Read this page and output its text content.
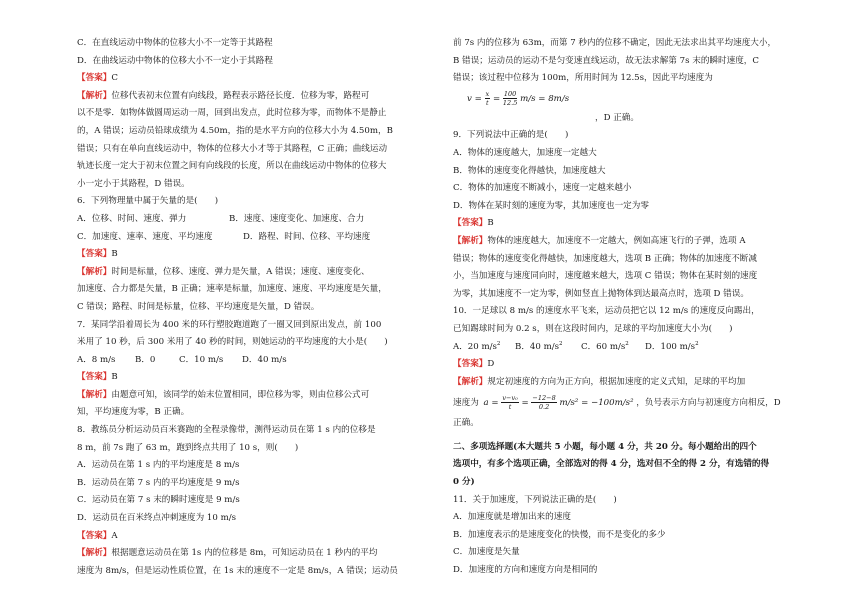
C．在直线运动中物体的位移大小不一定等于其路程

D．在曲线运动中物体的位移大小不一定小于其路程

【答案】C

【解析】位移代表初末位置有向线段，路程表示路径长度．位移为零，路程可

以不是零．如物体做圆周运动一周，回到出发点，此时位移为零，而物体不是静止

的，A 错误；运动员铅球成绩为 4.50m，指的是水平方向的位移大小为 4.50m，B

错误；只有在单向直线运动中，物体的位移大小才等于其路程，C 正确；曲线运动

轨迹长度一定大于初末位置之间有向线段的长度，所以在曲线运动中物体的位移大

小一定小于其路程，D 错误。

6．下列物理量中属于矢量的是(　　)

A．位移、时间、速度、弹力	B．速度、速度变化、加速度、合力

C．加速度、速率、速度、平均速度	D．路程、时间、位移、平均速度

【答案】B

【解析】时间是标量，位移、速度、弹力是矢量，A 错误；速度、速度变化、

加速度、合力都是矢量，B 正确；速率是标量，加速度、速度、平均速度是矢量，

C 错误；路程、时间是标量，位移、平均速度是矢量，D 错误。

7．某同学沿着周长为 400 米的环行塑胶跑道跑了一圈又回到原出发点，前 100

米用了 10 秒，后 300 米用了 40 秒的时间，则她运动的平均速度的大小是(　　)

A．8 m/s B．0	C．10 m/s D．40 m/s

【答案】B

【解析】由题意可知，该同学的始末位置相同，即位移为零，则由位移公式可

知，平均速度为零，B 正确。

8．教练员分析运动员百米赛跑的全程录像带，测得运动员在第 1 s 内的位移是

8 m，前 7s 跑了 63 m，跑到终点共用了 10 s，则(　　)

A．运动员在第 1 s 内的平均速度是 8 m/s

B．运动员在第 7 s 内的平均速度是 9 m/s

C．运动员在第 7 s 末的瞬时速度是 9 m/s

D．运动员在百米终点冲刺速度为 10 m/s

【答案】A

【解析】根据题意运动员在第 1s 内的位移是 8m，可知运动员在 1 秒内的平均

速度为 8m/s，但是运动性质位置，在 1s 末的速度不一定是 8m/s，A 错误；运动员

前 7s 内的位移为 63m，而第 7 秒内的位移不确定，因此无法求出其平均速度大小，

B 错误；运动员的运动不是匀变速直线运动，故无法求解第 7s 末的瞬时速度，C

错误；该过程中位移为 100m，所用时间为 12.5s，因此平均速度为

$v = \frac{x}{t} = \frac{100}{12.5} m/s = 8m/s$

，D 正确。

9．下列说法中正确的是(　　)

A．物体的速度越大，加速度一定越大

B．物体的速度变化得越快，加速度越大

C．物体的加速度不断减小，速度一定越来越小

D．物体在某时刻的速度为零，其加速度也一定为零

【答案】B

【解析】物体的速度越大，加速度不一定越大，例如高速飞行的子弹，选项 A

错误；物体的速度变化得越快，加速度越大，选项 B 正确；物体的加速度不断减

小，当加速度与速度同向时，速度越来越大，选项 C 错误；物体在某时刻的速度

为零，其加速度不一定为零，例如竖直上抛物体到达最高点时，选项 D 错误。

10．一足球以 8 m/s 的速度水平飞来，运动员把它以 12 m/s 的速度反向踢出，

已知踢球时间为 0.2 s，则在这段时间内，足球的平均加速度大小为(　　)

A．20 $m/s^2$ B．40 $m/s^2$ C．60 $m/s^2$ D．100 $m/s^2$

【答案】D

【解析】规定初速度的方向为正方向，根据加速度的定义式知，足球的平均加

速度为 $a = \frac{\text{v−v₀}}{t} = \frac{-12-8}{0.2} m/s^2 = -100m/s^2$ ，负号表示方向与初速度方向相反，D

正确。

二、多项选择题(本大题共 5 小题，每小题 4 分，共 20 分。每小题给出的四个

选项中，有多个选项正确，全部选对的得 4 分，选对但不全的得 2 分，有选错的得

0 分)

11．关于加速度，下列说法正确的是(　　)

A．加速度就是增加出来的速度

B．加速度表示的是速度变化的快慢，而不是变化的多少

C．加速度是矢量

D．加速度的方向和速度方向是相同的
